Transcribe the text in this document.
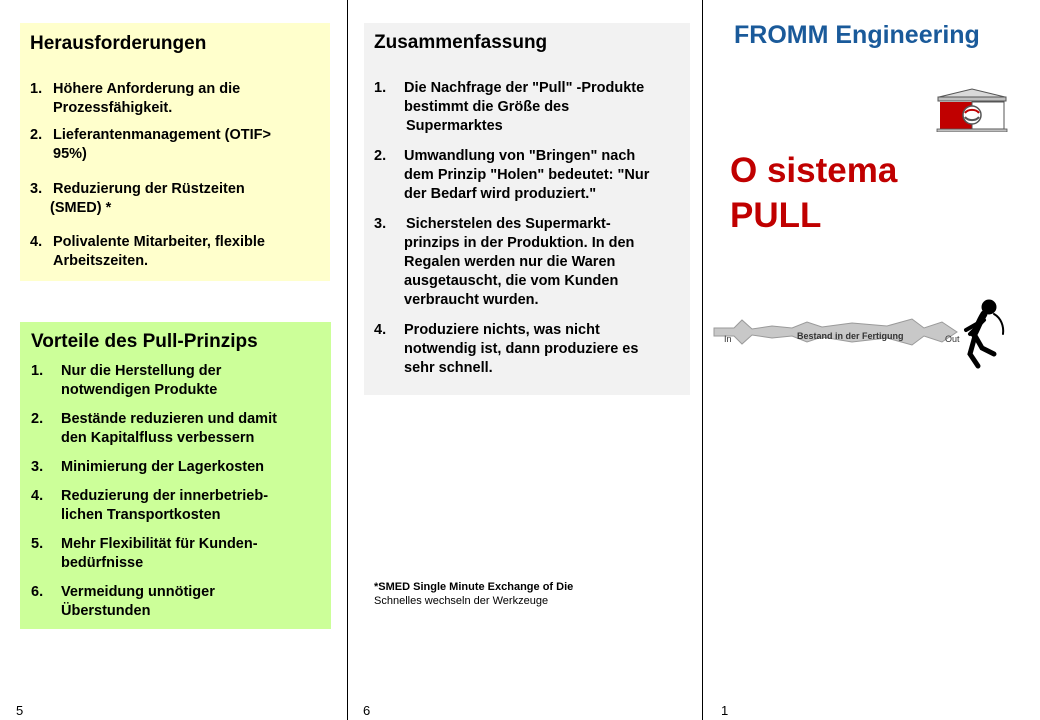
Herausforderungen
1. Höhere Anforderung an die
Prozessfähigkeit.
2. Lieferantenmanagement (OTIF>
95%)
3. Reduzierung der Rüstzeiten
(SMED) *
4. Polivalente Mitarbeiter, flexible
Arbeitszeiten.
Vorteile des Pull-Prinzips
1. Nur die Herstellung der
notwendigen Produkte
2. Bestände reduzieren und damit
den Kapitalfluss verbessern
3. Minimierung der Lagerkosten
4. Reduzierung der innerbetrieb-
lichen Transportkosten
5. Mehr Flexibilität für Kunden-
bedürfnisse
6. Vermeidung unnötiger
Überstunden
Zusammenfassung
1. Die Nachfrage der "Pull" -Produkte
bestimmt die Größe des
Supermarktes
2. Umwandlung von "Bringen" nach
dem Prinzip "Holen" bedeutet: "Nur
der Bedarf wird produziert."
3. Sicherstelen des Supermarkt-
prinzips in der Produktion. In den
Regalen werden nur die Waren
ausgetauscht, die vom Kunden
verbraucht wurden.
4. Produziere nichts, was nicht
notwendig ist, dann produziere es
sehr schnell.
*SMED Single Minute Exchange of Die
Schnelles wechseln der Werkzeuge
FROMM Engineering
O sistema
PULL
In	Bestand in der Fertigung	Out
5	6	1
